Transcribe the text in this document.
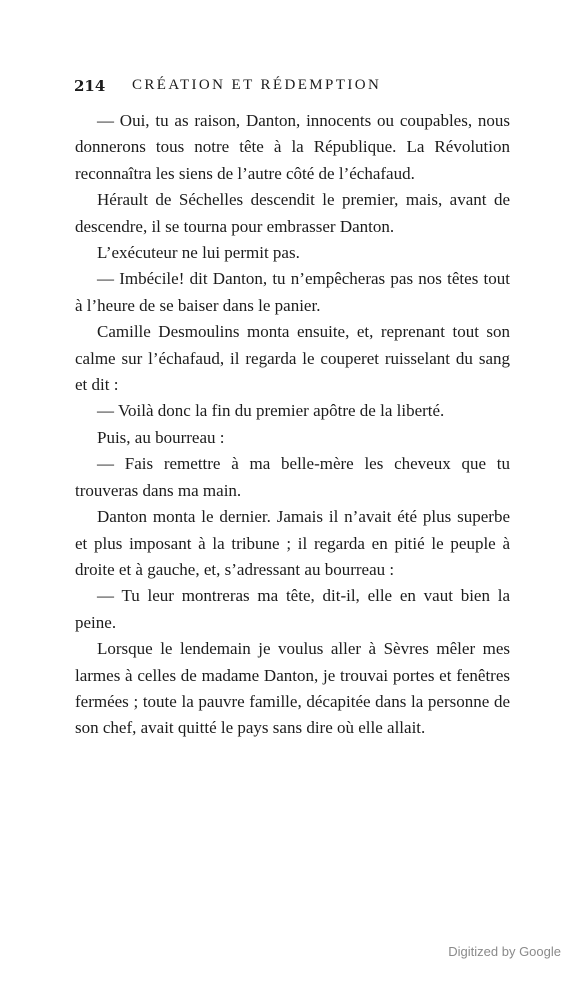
214 CRÉATION ET RÉDEMPTION

— Oui, tu as raison, Danton, innocents ou coupables, nous donnerons tous notre tête à la République. La Révolution reconnaîtra les siens de l’autre côté de l’échafaud.

Hérault de Séchelles descendit le premier, mais, avant de descendre, il se tourna pour embrasser Danton.

L’exécuteur ne lui permit pas.

— Imbécile! dit Danton, tu n’empêcheras pas nos têtes tout à l’heure de se baiser dans le panier.

Camille Desmoulins monta ensuite, et, reprenant tout son calme sur l’échafaud, il regarda le couperet ruisselant du sang et dit :

— Voilà donc la fin du premier apôtre de la liberté.

Puis, au bourreau :

— Fais remettre à ma belle-mère les cheveux que tu trouveras dans ma main.

Danton monta le dernier. Jamais il n’avait été plus superbe et plus imposant à la tribune ; il regarda en pitié le peuple à droite et à gauche, et, s’adressant au bourreau :

— Tu leur montreras ma tête, dit-il, elle en vaut bien la peine.

Lorsque le lendemain je voulus aller à Sèvres mêler mes larmes à celles de madame Danton, je trouvai portes et fenêtres fermées ; toute la pauvre famille, décapitée dans la personne de son chef, avait quitté le pays sans dire où elle allait.

Digitized by Google
